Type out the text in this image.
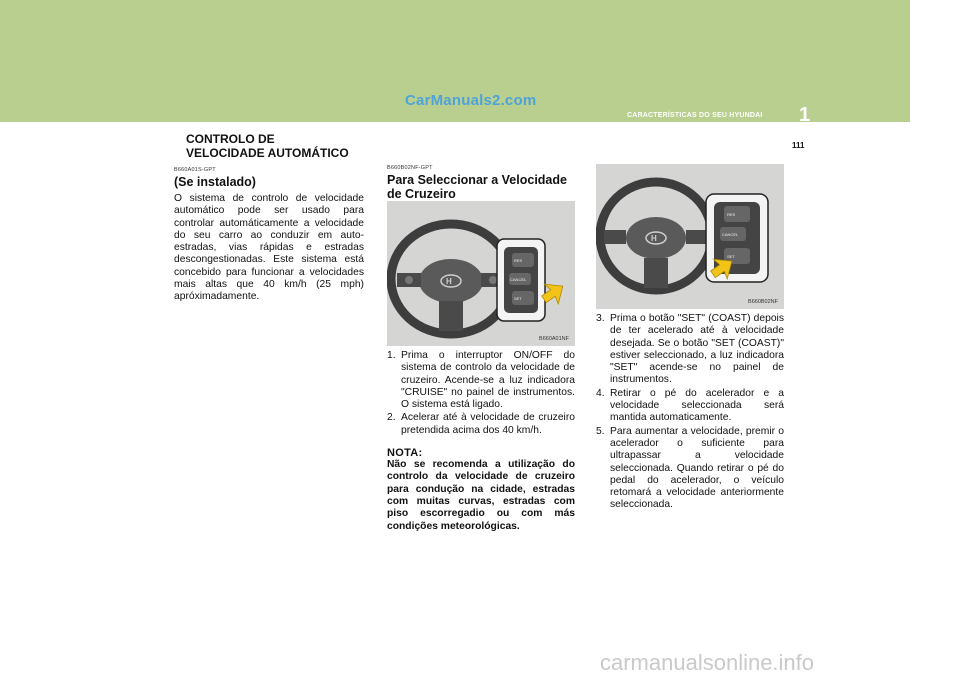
CarManuals2.com
CARACTERÍSTICAS DO SEU HYUNDAI 1
111
CONTROLO DE
VELOCIDADE AUTOMÁTICO
B660A01S-GPT
(Se instalado)
O sistema de controlo de velocidade automático pode ser usado para controlar automáticamente a velocidade do seu carro ao conduzir em auto-estradas, vias rápidas e estradas descongestionadas. Este sistema está concebido para funcionar a velocidades mais altas que 40 km/h (25 mph) apróximadamente.
B660B02NF-GPT
Para Seleccionar a Velocidade de Cruzeiro
H
RES
CANCEL
SET
B660A01NF
1. Prima o interruptor ON/OFF do sistema de controlo da velocidade de cruzeiro. Acende-se a luz indicadora "CRUISE" no painel de instrumentos. O sistema está ligado.
2. Acelerar até à velocidade de cruzeiro pretendida acima dos 40 km/h.
NOTA:
Não se recomenda a utilização do controlo da velocidade de cruzeiro para condução na cidade, estradas com muitas curvas, estradas com piso escorregadio ou com más condições meteorológicas.
H
RES
CANCEL
SET
B660B02NF
3. Prima o botão "SET" (COAST) depois de ter acelerado até à velocidade desejada. Se o botão "SET (COAST)" estiver seleccionado, a luz indicadora "SET" acende-se no painel de instrumentos.
4. Retirar o pé do acelerador e a velocidade seleccionada será mantida automaticamente.
5. Para aumentar a velocidade, premir o acelerador o suficiente para ultrapassar a velocidade seleccionada. Quando retirar o pé do pedal do acelerador, o veículo retomará a velocidade anteriormente seleccionada.
carmanualsonline.info
